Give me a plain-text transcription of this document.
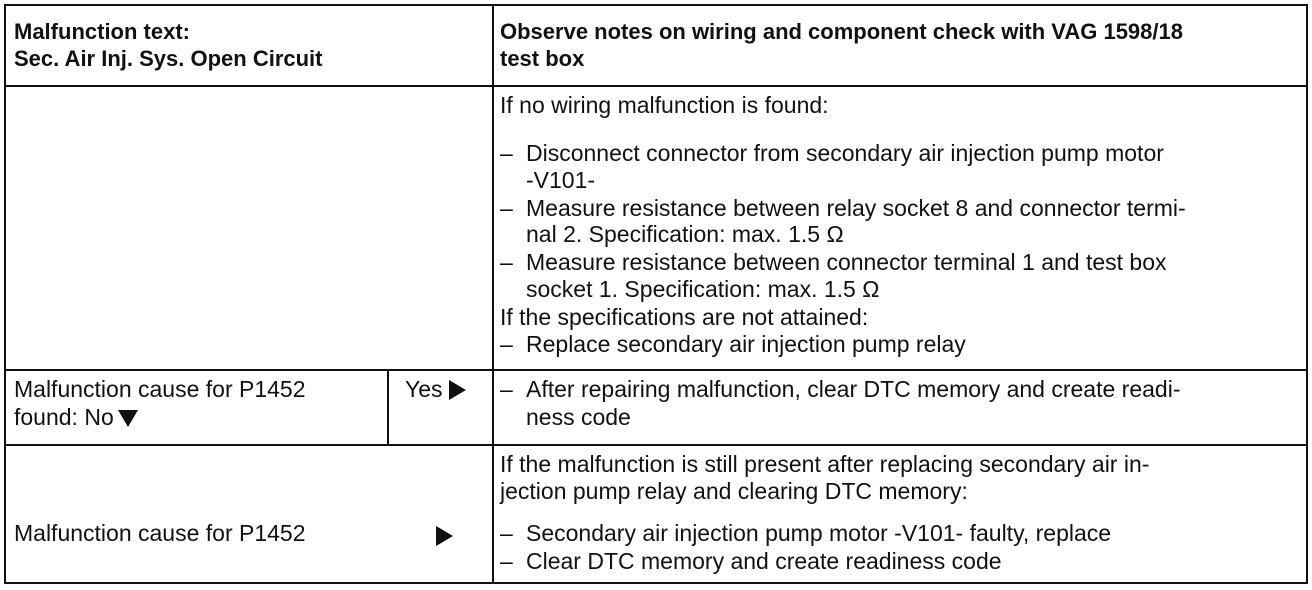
Malfunction text:
Sec. Air Inj. Sys. Open Circuit
Observe notes on wiring and component check with VAG 1598/18
test box
If no wiring malfunction is found:
– Disconnect connector from secondary air injection pump motor
-V101-
– Measure resistance between relay socket 8 and connector termi-
nal 2. Specification: max. 1.5 Ω
– Measure resistance between connector terminal 1 and test box
socket 1. Specification: max. 1.5 Ω
If the specifications are not attained:
– Replace secondary air injection pump relay
Malfunction cause for P1452
found: No
Yes	– After repairing malfunction, clear DTC memory and create readi-
ness code
Malfunction cause for P1452
If the malfunction is still present after replacing secondary air in-
jection pump relay and clearing DTC memory:
– Secondary air injection pump motor -V101- faulty, replace
– Clear DTC memory and create readiness code
